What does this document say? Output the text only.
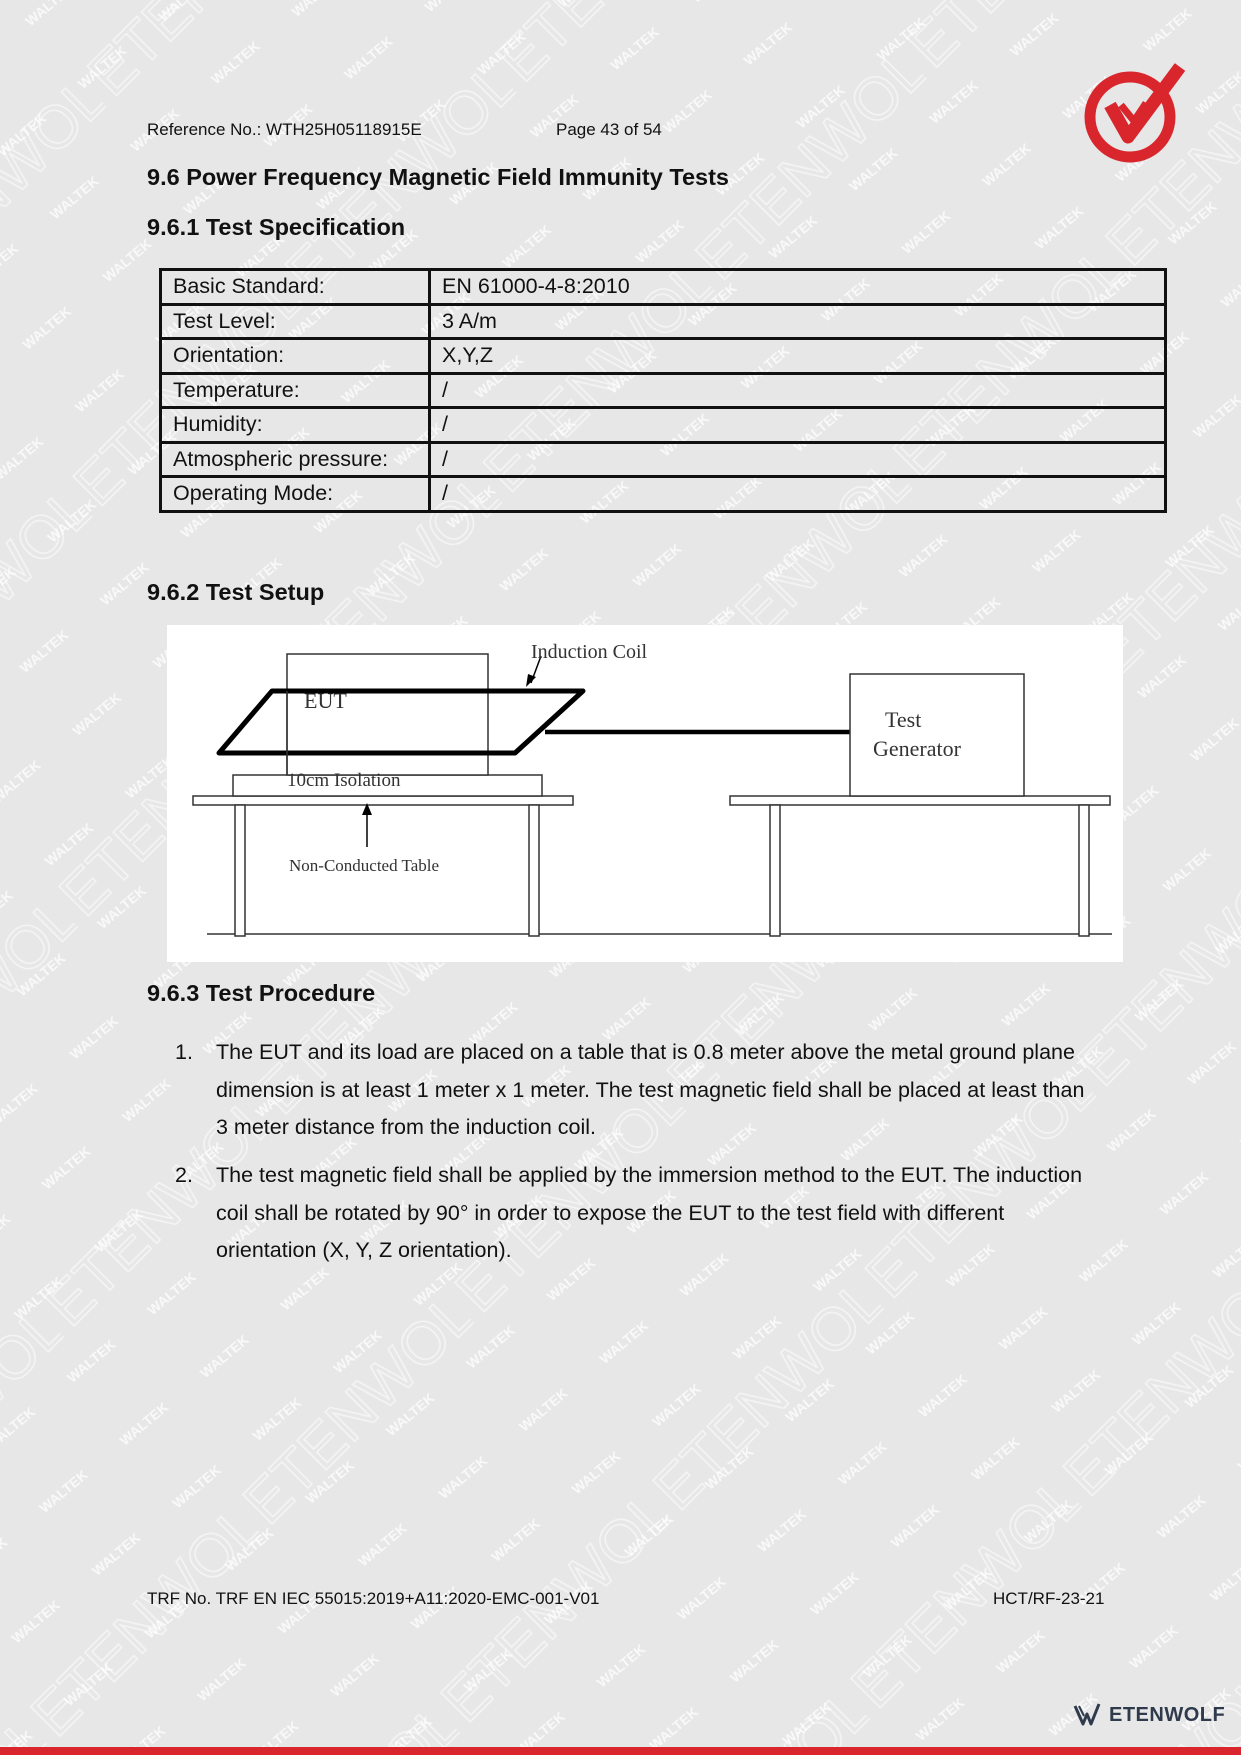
Reference No.: WTH25H05118915E	Page 43 of 54
9.6 Power Frequency Magnetic Field Immunity Tests
9.6.1 Test Specification
Basic Standard:	EN 61000-4-8:2010
Test Level:	3 A/m
Orientation:	X,Y,Z
Temperature:	/
Humidity:	/
Atmospheric pressure:	/
Operating Mode:	/
9.6.2 Test Setup
Induction Coil
EUT
10cm Isolation
Non-Conducted Table
Test
Generator
9.6.3 Test Procedure
1. The EUT and its load are placed on a table that is 0.8 meter above the metal ground plane dimension is at least 1 meter x 1 meter. The test magnetic field shall be placed at least than 3 meter distance from the induction coil.
2. The test magnetic field shall be applied by the immersion method to the EUT. The induction coil shall be rotated by 90° in order to expose the EUT to the test field with different orientation (X, Y, Z orientation).
TRF No. TRF EN IEC 55015:2019+A11:2020-EMC-001-V01	HCT/RF-23-21
ETENWOLF
